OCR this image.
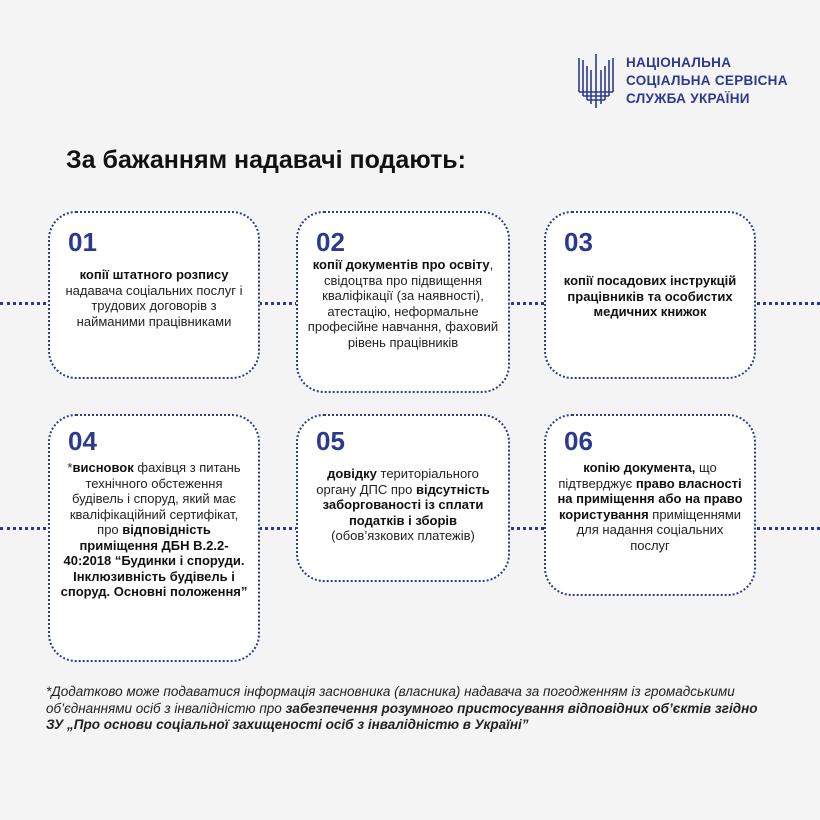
НАЦІОНАЛЬНА
СОЦІАЛЬНА СЕРВІСНА
СЛУЖБА УКРАЇНИ
За бажанням надавачі подають:
01
копії штатного розпису надавача соціальних послуг і трудових договорів з найманими працівниками
02
копії документів про освіту, свідоцтва про підвищення кваліфікації (за наявності), атестацію, неформальне професійне навчання, фаховий рівень працівників
03
копії посадових інструкцій працівників та особистих медичних книжок
04
*висновок фахівця з питань технічного обстеження будівель і споруд, який має кваліфікаційний сертифікат, про відповідність приміщення ДБН В.2.2-40:2018 “Будинки і споруди. Інклюзивність будівель і споруд. Основні положення”
05
довідку територіального органу ДПС про відсутність заборгованості із сплати податків і зборів (обов’язкових платежів)
06
копію документа, що підтверджує право власності на приміщення або на право користування приміщеннями для надання соціальних послуг
*Додатково може подаватися інформація засновника (власника) надавача за погодженням із громадськими об’єднаннями осіб з інвалідністю про забезпечення розумного пристосування відповідних об’єктів згідно ЗУ „Про основи соціальної захищеності осіб з інвалідністю в Україні”
